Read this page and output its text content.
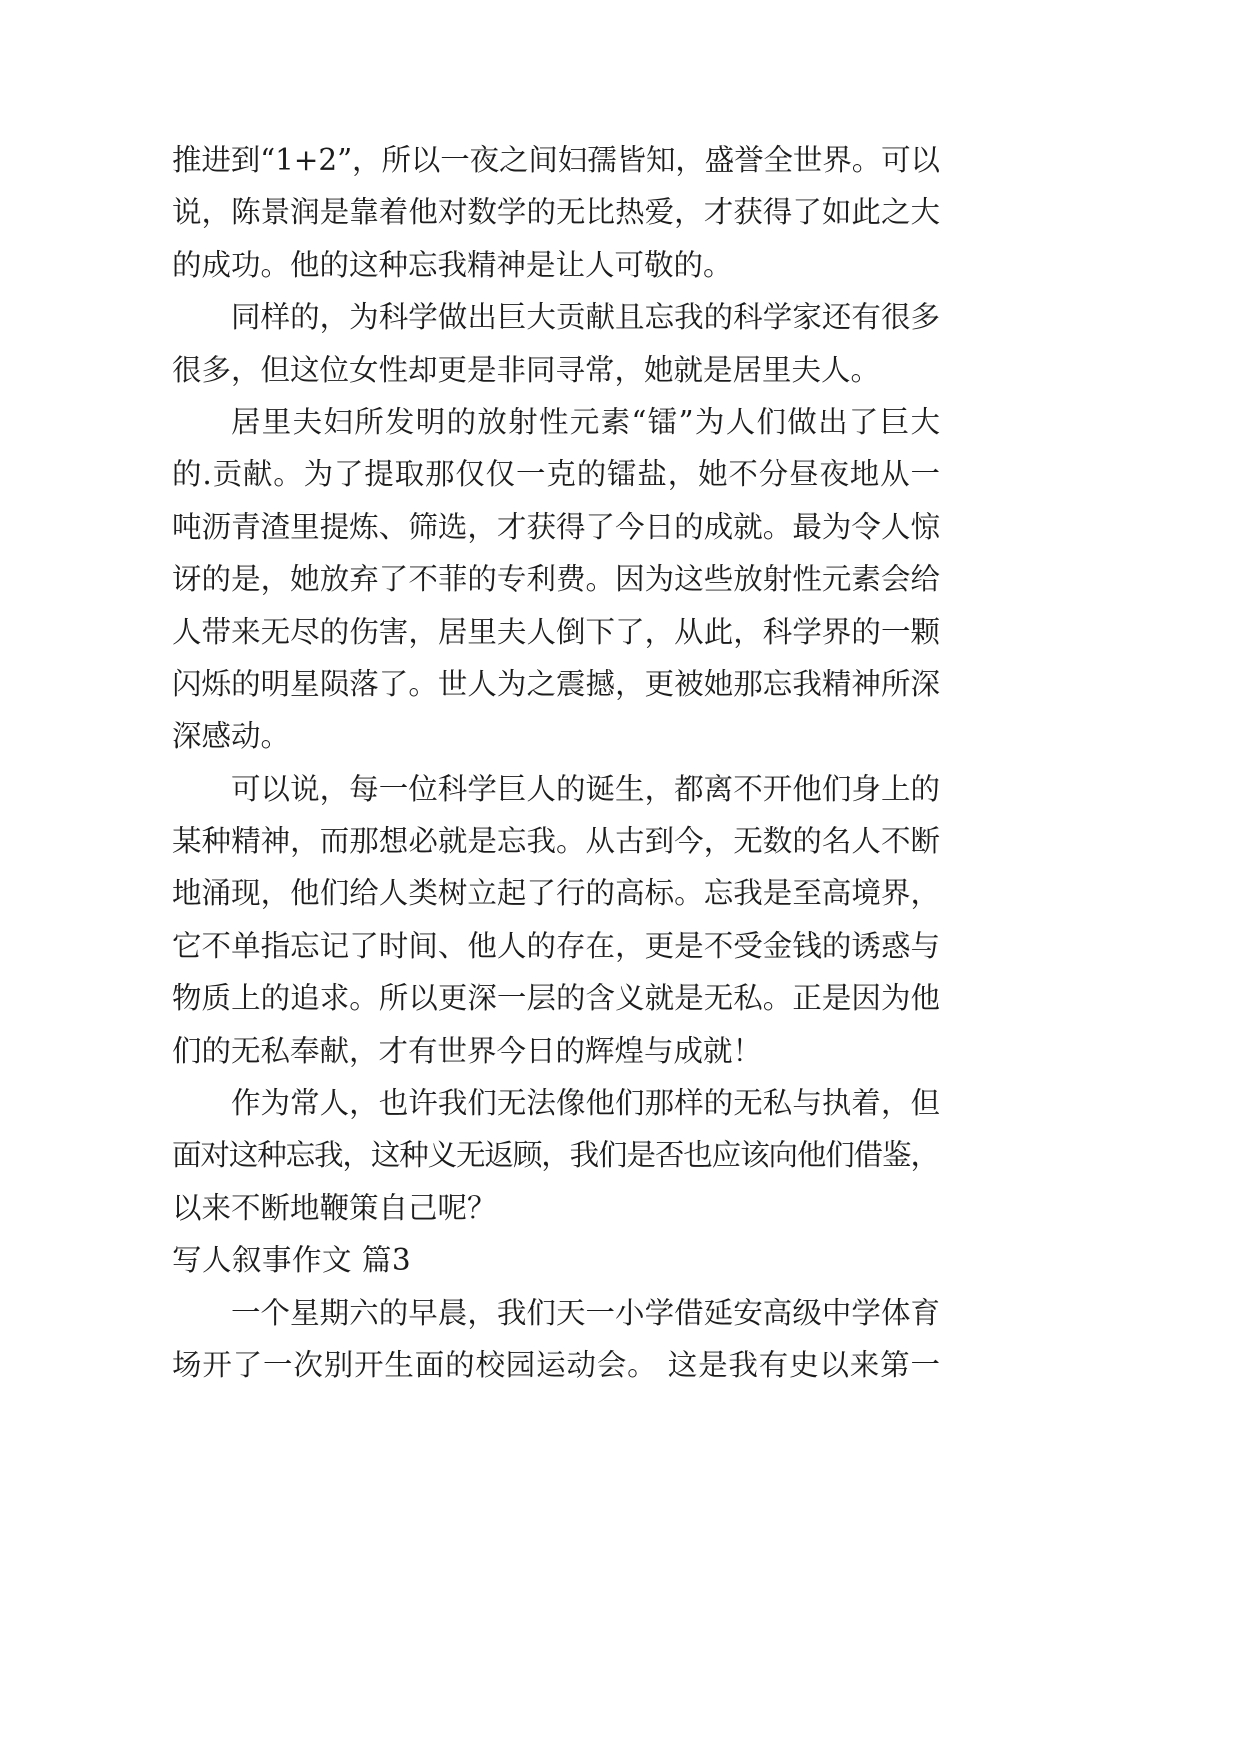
推进到“1+2”，所以一夜之间妇孺皆知，盛誉全世界。可以
说，陈景润是靠着他对数学的无比热爱，才获得了如此之大
的成功。他的这种忘我精神是让人可敬的。
同样的，为科学做出巨大贡献且忘我的科学家还有很多
很多，但这位女性却更是非同寻常，她就是居里夫人。
居里夫妇所发明的放射性元素“镭”为人们做出了巨大
的.贡献。为了提取那仅仅一克的镭盐，她不分昼夜地从一
吨沥青渣里提炼、筛选，才获得了今日的成就。最为令人惊
讶的是，她放弃了不菲的专利费。因为这些放射性元素会给
人带来无尽的伤害，居里夫人倒下了，从此，科学界的一颗
闪烁的明星陨落了。世人为之震撼，更被她那忘我精神所深
深感动。
可以说，每一位科学巨人的诞生，都离不开他们身上的
某种精神，而那想必就是忘我。从古到今，无数的名人不断
地涌现，他们给人类树立起了行的高标。忘我是至高境界，
它不单指忘记了时间、他人的存在，更是不受金钱的诱惑与
物质上的追求。所以更深一层的含义就是无私。正是因为他
们的无私奉献，才有世界今日的辉煌与成就！
作为常人，也许我们无法像他们那样的无私与执着，但
面对这种忘我，这种义无返顾，我们是否也应该向他们借鉴，
以来不断地鞭策自己呢？
写人叙事作文 篇3
一个星期六的早晨，我们天一小学借延安高级中学体育
场开了一次别开生面的校园运动会。 这是我有史以来第一
